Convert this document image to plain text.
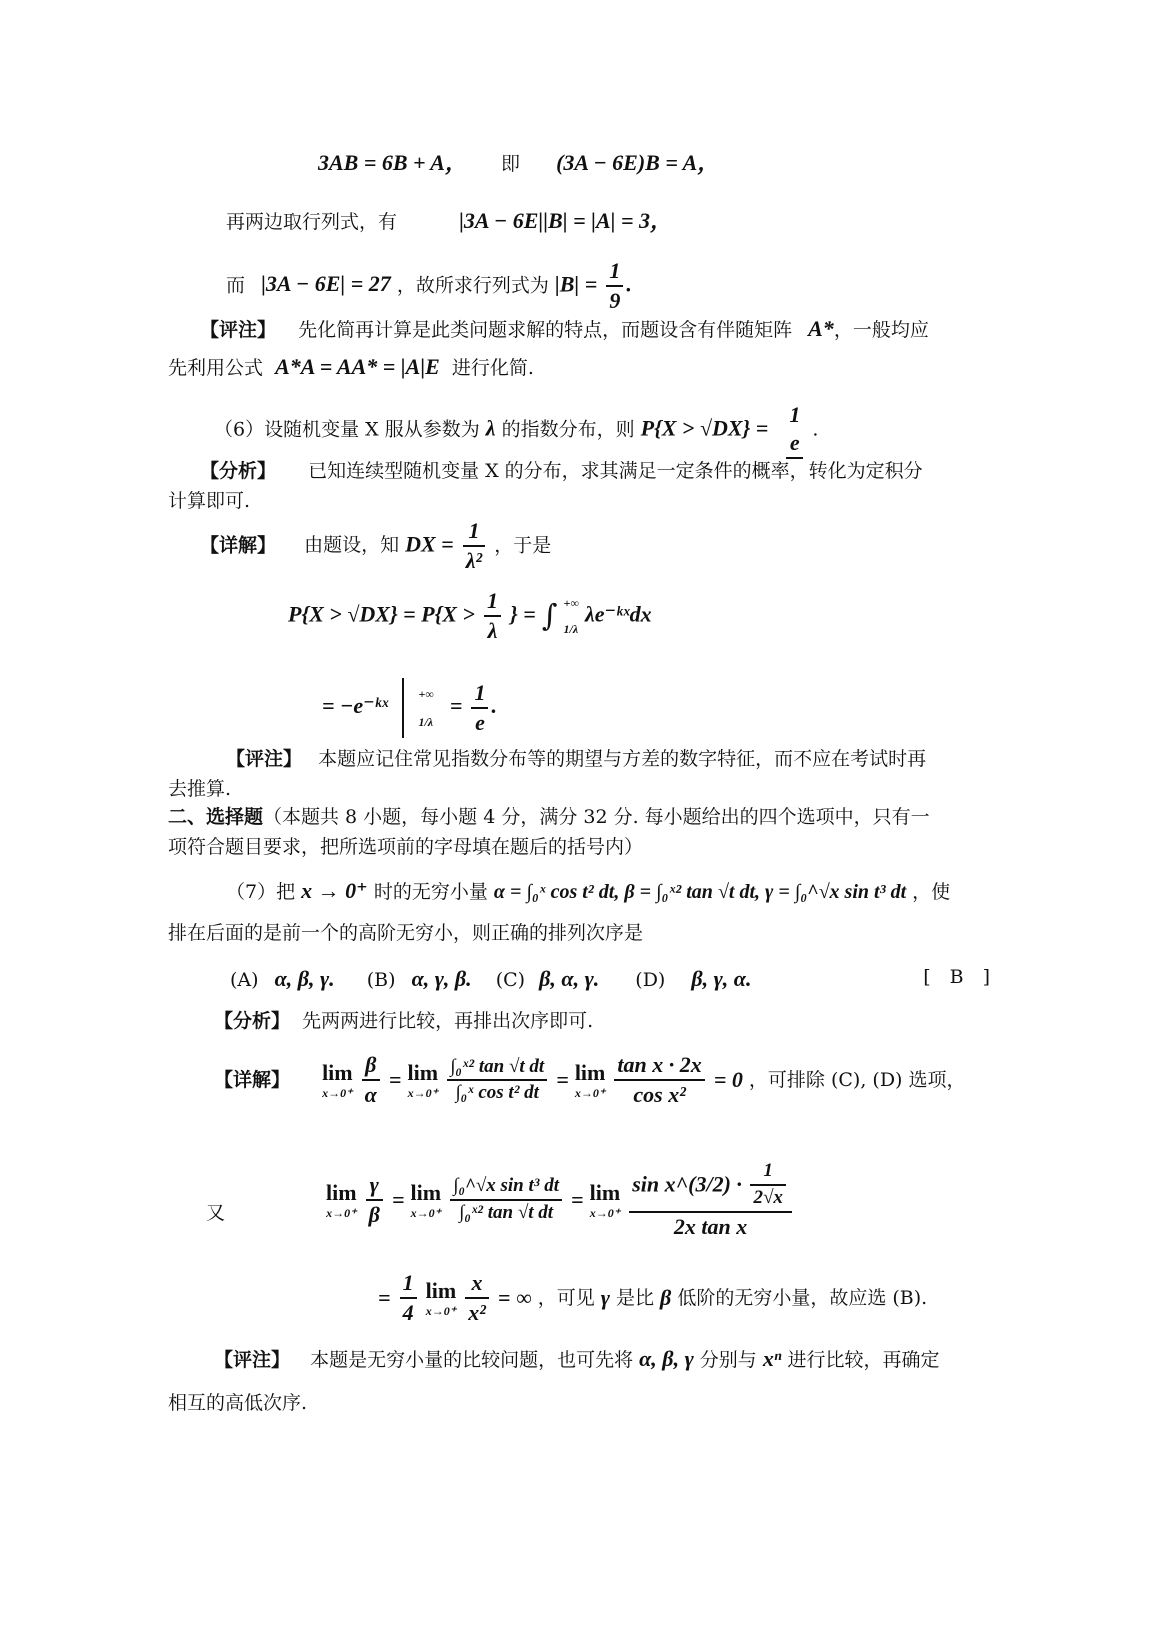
3AB = 6B + A， 即 (3A − 6E)B = A，
再两边取行列式，有	|3A − 6E||B| = |A| = 3，
而 |3A − 6E| = 27 ，故所求行列式为 $|B| = \frac{1}{9}$ .
【评注】 先化简再计算是此类问题求解的特点，而题设含有伴随矩阵 A*，一般均应
先利用公式 A*A = AA* = |A|E 进行化简.
（6）设随机变量 X 服从参数为 λ 的指数分布，则 P{X > √DX} =
1
e
.
【分析】 已知连续型随机变量 X 的分布，求其满足一定条件的概率，转化为定积分
计算即可.
【详解】 由题设，知 DX = $\frac{1}{\text{λ²}}$ ，于是
$P\{X > √DX\} = P\{X > \frac{1}{\lambda}$ } = ∫ +∞
1/λ
λe⁻ᵏˣdx
= −e⁻ᵏˣ	+∞
1/λ
= $\frac{1}{e}$ .
【评注】 本题应记住常见指数分布等的期望与方差的数字特征，而不应在考试时再
去推算.
二、选择题（本题共 8 小题，每小题 4 分，满分 32 分. 每小题给出的四个选项中，只有一
项符合题目要求，把所选项前的字母填在题后的括号内）
（7）把 x → 0⁺ 时的无穷小量 α = ∫₀ˣ cos t² dt, β = ∫₀ˣ² tan √t dt, γ = ∫₀^√x sin t³ dt ，使
排在后面的是前一个的高阶无穷小，则正确的排列次序是
(A) α, β, γ. (B) α, γ, β. (C) β, α, γ. (D) β, γ, α.	[　B　]
【分析】 先两两进行比较，再排出次序即可.
【详解】 lim
x→0⁺
$\frac{\beta}{\alpha} = \lim$
x→0⁺
$\frac{\text{∫₀ˣ² tan √t dt}}{\text{∫₀ˣ cos t² dt}} = \lim$
x→0⁺
$\frac{\text{tan x · 2x}}{\text{cos x²}} = 0$ ，可排除 (C), (D) 选项，
又
lim
x→0⁺
$\frac{\gamma}{\beta} = \lim$
x→0⁺
$\frac{\text{∫₀\textasciicircum{}√x sin t³ dt}}{\text{∫₀ˣ² tan √t dt}} = \lim$
x→0⁺
$\frac{\sin x\^{}(3/2) \cdot \frac{1}{2√x}}{\text{2x tan x}}$
= $\frac{1}{4}$
lim
x→0⁺
$\frac{x}{\text{x²}}$ = ∞ ，可见 γ 是比 β 低阶的无穷小量，故应选 (B).
【评注】 本题是无穷小量的比较问题，也可先将 α, β, γ 分别与 xⁿ 进行比较，再确定
相互的高低次序.
